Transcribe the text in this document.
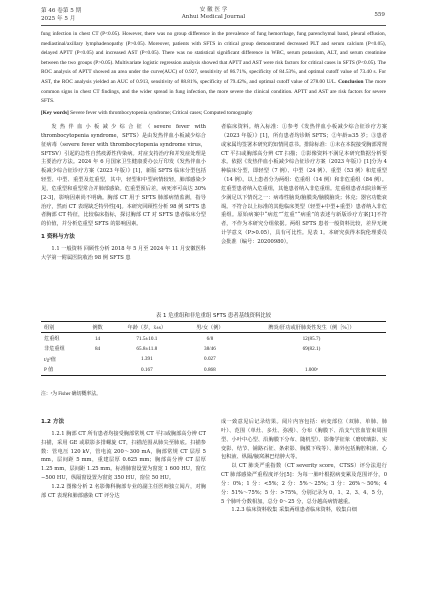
第 46 卷第 5 期
2025 年 5 月
安 徽 医 学
Anhui Medical Journal	559
fung infection in chest CT (P<0.05). However, there was no group difference in the prevalence of fung hemorrhage, fung parenchymal band, pleural effusion, mediastinal/axillary lymphadenopathy (P>0.05). Moreover, patients with SFTS in critical group demonstrated decreased PLT and serum calcium (P<0.05), delayed APTT (P<0.05) and increased AST (P<0.05). There was no statistical significant difference in WBC, serum potassium, ALT, and serum creatinine between the two groups (P>0.05). Multivariate logistic regression analysis showed that APTT and AST were risk factors for critical cases in SFTS (P<0.05). The ROC analysis of APTT showed an area under the curve(AUC) of 0.927, sensitivity of 86.71%, specificity of 84.53%, and optimal cutoff value of 73.40 s. For AST, the ROC analysis yielded an AUC of 0.913, sensitivity of 88.81%, specificity of 79.42%, and optimal cutoff value of 278.00 U/L. Conclusion The more common signs in chest CT findings, and the wider spread in fung infection, the more severe the clinical condition. APTT and AST are risk factors for severe SFTS.
[Key words] Severe fever with thrombocytopenia syndrome; Critical cases; Computed tomography

发热伴血小板减少综合征（severe fever with thrombocytopenia syndrome，SFTS）是由发热伴血小板减少综合征病毒（severe fever with thrombocytopenia syndrome virus，SFTSV）引起的急性自然疫源性传染病。对症支持治疗和并发症处理是主要治疗方法。2024 年 6 月国家卫生健康委办公厅印发《发热伴血小板减少综合征诊疗方案（2023 年版）》[1]，新版 SFTS 临床分型包括轻型、中型、重型及危重型，其中，轻型和中型病情较轻，肺部感染少见，危重型和重型常合并肺部感染。危重型预后差，病死率可高达 30%[2-3]，影响因素尚不明确。胸部 CT 用于 SFTS 肺部病情监测，指导治疗，然而 CT 表现缺乏特异性[4]。本研究回顾性分析 98 例 SFTS 患者胸部 CT 特征，比较临床指标，探讨胸部 CT 对 SFTS 患者临床分型的价值，并分析危重型 SFTS 的影响因素。

1 资料与方法

1.1 一般资料 回顾性分析 2018 年 5 月至 2024 年 11 月安徽医科大学第一附属医院收治 98 例 SFTS 患

者临床资料。纳入标准：①参考《发热伴血小板减少综合征诊疗方案（2023 年版）》[1]，所有患者均诊断 SFTS；②年龄≥35 岁；③患者或家属均签署本研究的知情同意书。排除标准：①未在本院接受胸部常规 CT 平扫或胸部高分辨 CT 扫描；②影像资料不满足本研究数据分析要求。依据《发热伴血小板减少综合征诊疗方案（2023 年版）》[1]分为 4 种临床分型，即轻型（7 例）、中型（24 例）、重型（53 例）和危重型（14 例）。以上患者分为两组：危重组（14 例）和非危重组（84 例）。危重型患者纳入危重组，其他患者纳入非危重组。危重组患者出院诊断至少满足以下情况之一：病毒性脑炎/脑膜炎/脑膜脑炎；休克；器官功能衰竭。不符合以上标准的其他临床类型（轻型+中型+重型）患者纳入非危重组。原始病案中“病危”“危重”“病重”的表述与新版诊疗方案[1]不符者，不作为本研究分组依据。两组 SFTS 患者一般资料比较，差异无统计学意义（P>0.05），具有可比性。见表 1。本研究获得本院伦理委员会批准（编号：20200980）。

表 1 危重组和非危重组 SFTS 患者基线资料比较
组别	例数	年龄（岁，x̄±s）	男/女（例）	脾炎/肝功或肝肺炎性发生（例［%］）
危重组	14	71.5±10.1	6/8	12(85.7)
非危重组	84	65.8±11.8	38/46	69(82.1)
t/χ²值		1.391	0.027	
P 值		0.167	0.868	1.000ᵃ
注：ᵃ为 Fisher 确切概率法。

1.2 方法

1.2.1 胸部 CT 所有患者均接受胸部常规 CT 平扫或胸部高分辨 CT 扫描，采用 GE 或联影多排螺旋 CT，扫描范围从肺尖至肺底。扫描参数：管电压 120 kV，管电流 200～300 mA，胸部常规 CT 层厚 5 mm，层间距 5 mm，重建层厚 0.625 mm；胸部高分辨 CT 层厚 1.25 mm，层间距 1.25 mm。标准肺窗设置为窗宽 1 600 HU，窗位 −500 HU，纵隔窗设置为窗宽 350 HU，窗位 50 HU。

1.2.2 图像分析 2 名影像科胸部专业的副主任医师独立阅片，对胸部 CT 表现和肺部感染 CT 评分达

成一致意见后记录结果。阅片内容包括：病变部位（双肺、单肺、肺叶）、范围（单灶、多灶、弥漫）、分布（胸膜下、沿支气管血管束周围型、小叶中心型、沿胸膜下分布、随机型）、影像学征象（磨玻璃影、实变影、结节、铺路石征、条索影、胸膜下线等）、肺外包括胸腔积液、心包积液、纵隔/腋窝淋巴结肿大等。

以 CT 肺炎严重指数（CT severity score，CTSS）评分法进行 CT 肺部感染严重程度评分[5]：为每一肺叶根据病变累及范围评分，0 分：0%；1 分：<5%；2 分：5%～25%；3 分：26%～50%；4 分：51%～75%；5 分：>75%，分别记录为 0、1、2、3、4、5 分，5 个肺叶分数相加，总分 0～25 分，总分越高病情越重。

1.2.3 临床资料收集 采集两组患者临床资料，收集白细
